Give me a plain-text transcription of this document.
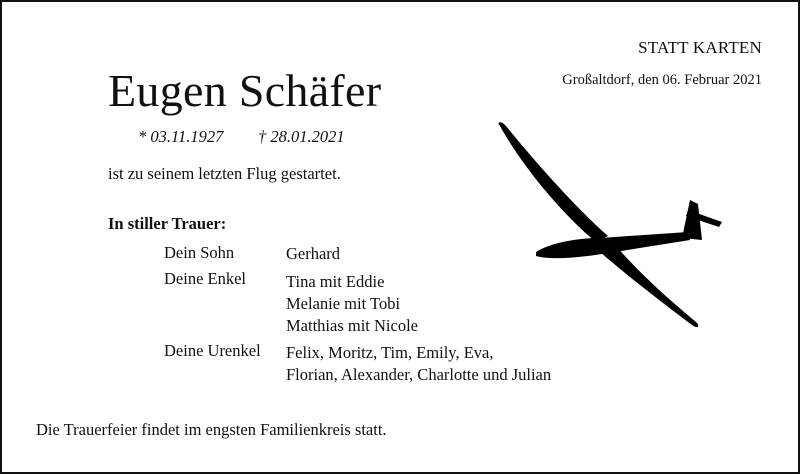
STATT KARTEN
Großaltdorf, den 06. Februar 2021
Eugen Schäfer
* 03.11.1927 † 28.01.2021
ist zu seinem letzten Flug gestartet.
In stiller Trauer:
Dein Sohn	Gerhard
Deine Enkel Tina mit Eddie
Melanie mit Tobi
Matthias mit Nicole
Deine Urenkel Felix, Moritz, Tim, Emily, Eva,
Florian, Alexander, Charlotte und Julian
Die Trauerfeier findet im engsten Familienkreis statt.
